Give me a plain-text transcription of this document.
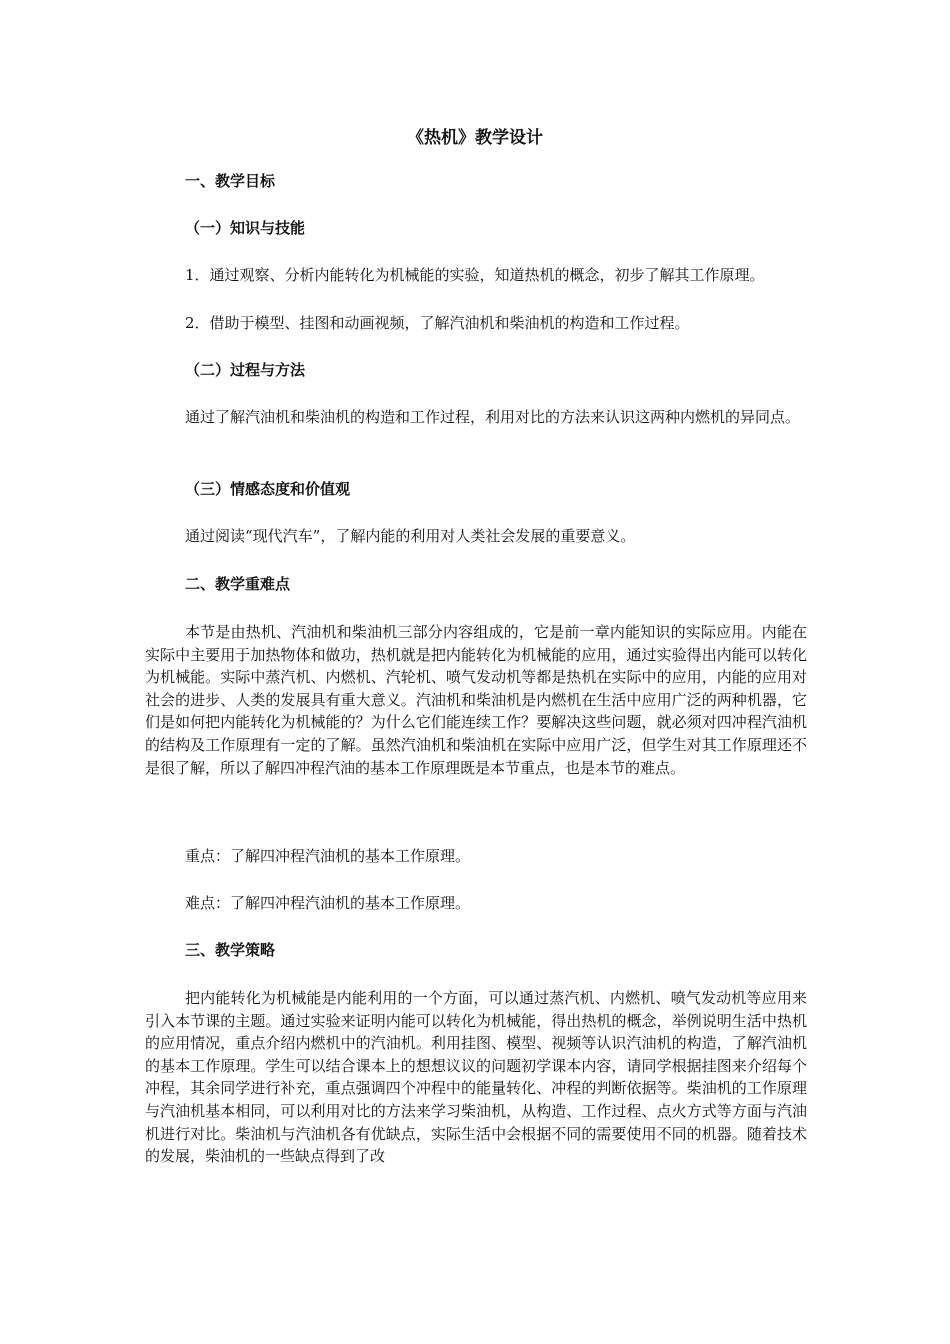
《热机》教学设计
一、教学目标
（一）知识与技能
1．通过观察、分析内能转化为机械能的实验，知道热机的概念，初步了解其工作原理。
2．借助于模型、挂图和动画视频，了解汽油机和柴油机的构造和工作过程。
（二）过程与方法

通过了解汽油机和柴油机的构造和工作过程，利用对比的方法来认识这两种内燃机的异同点。

（三）情感态度和价值观
通过阅读“现代汽车”，了解内能的利用对人类社会发展的重要意义。
二、教学重难点

本节是由热机、汽油机和柴油机三部分内容组成的，它是前一章内能知识的实际应用。内能在实际中主要用于加热物体和做功，热机就是把内能转化为机械能的应用，通过实验得出内能可以转化为机械能。实际中蒸汽机、内燃机、汽轮机、喷气发动机等都是热机在实际中的应用，内能的应用对社会的进步、人类的发展具有重大意义。汽油机和柴油机是内燃机在生活中应用广泛的两种机器，它们是如何把内能转化为机械能的？为什么它们能连续工作？要解决这些问题，就必须对四冲程汽油机的结构及工作原理有一定的了解。虽然汽油机和柴油机在实际中应用广泛，但学生对其工作原理还不是很了解，所以了解四冲程汽油的基本工作原理既是本节重点，也是本节的难点。

重点：了解四冲程汽油机的基本工作原理。
难点：了解四冲程汽油机的基本工作原理。
三、教学策略

把内能转化为机械能是内能利用的一个方面，可以通过蒸汽机、内燃机、喷气发动机等应用来引入本节课的主题。通过实验来证明内能可以转化为机械能，得出热机的概念，举例说明生活中热机的应用情况，重点介绍内燃机中的汽油机。利用挂图、模型、视频等认识汽油机的构造，了解汽油机的基本工作原理。学生可以结合课本上的想想议议的问题初学课本内容，请同学根据挂图来介绍每个冲程，其余同学进行补充，重点强调四个冲程中的能量转化、冲程的判断依据等。柴油机的工作原理与汽油机基本相同，可以利用对比的方法来学习柴油机，从构造、工作过程、点火方式等方面与汽油机进行对比。柴油机与汽油机各有优缺点，实际生活中会根据不同的需要使用不同的机器。随着技术的发展，柴油机的一些缺点得到了改
